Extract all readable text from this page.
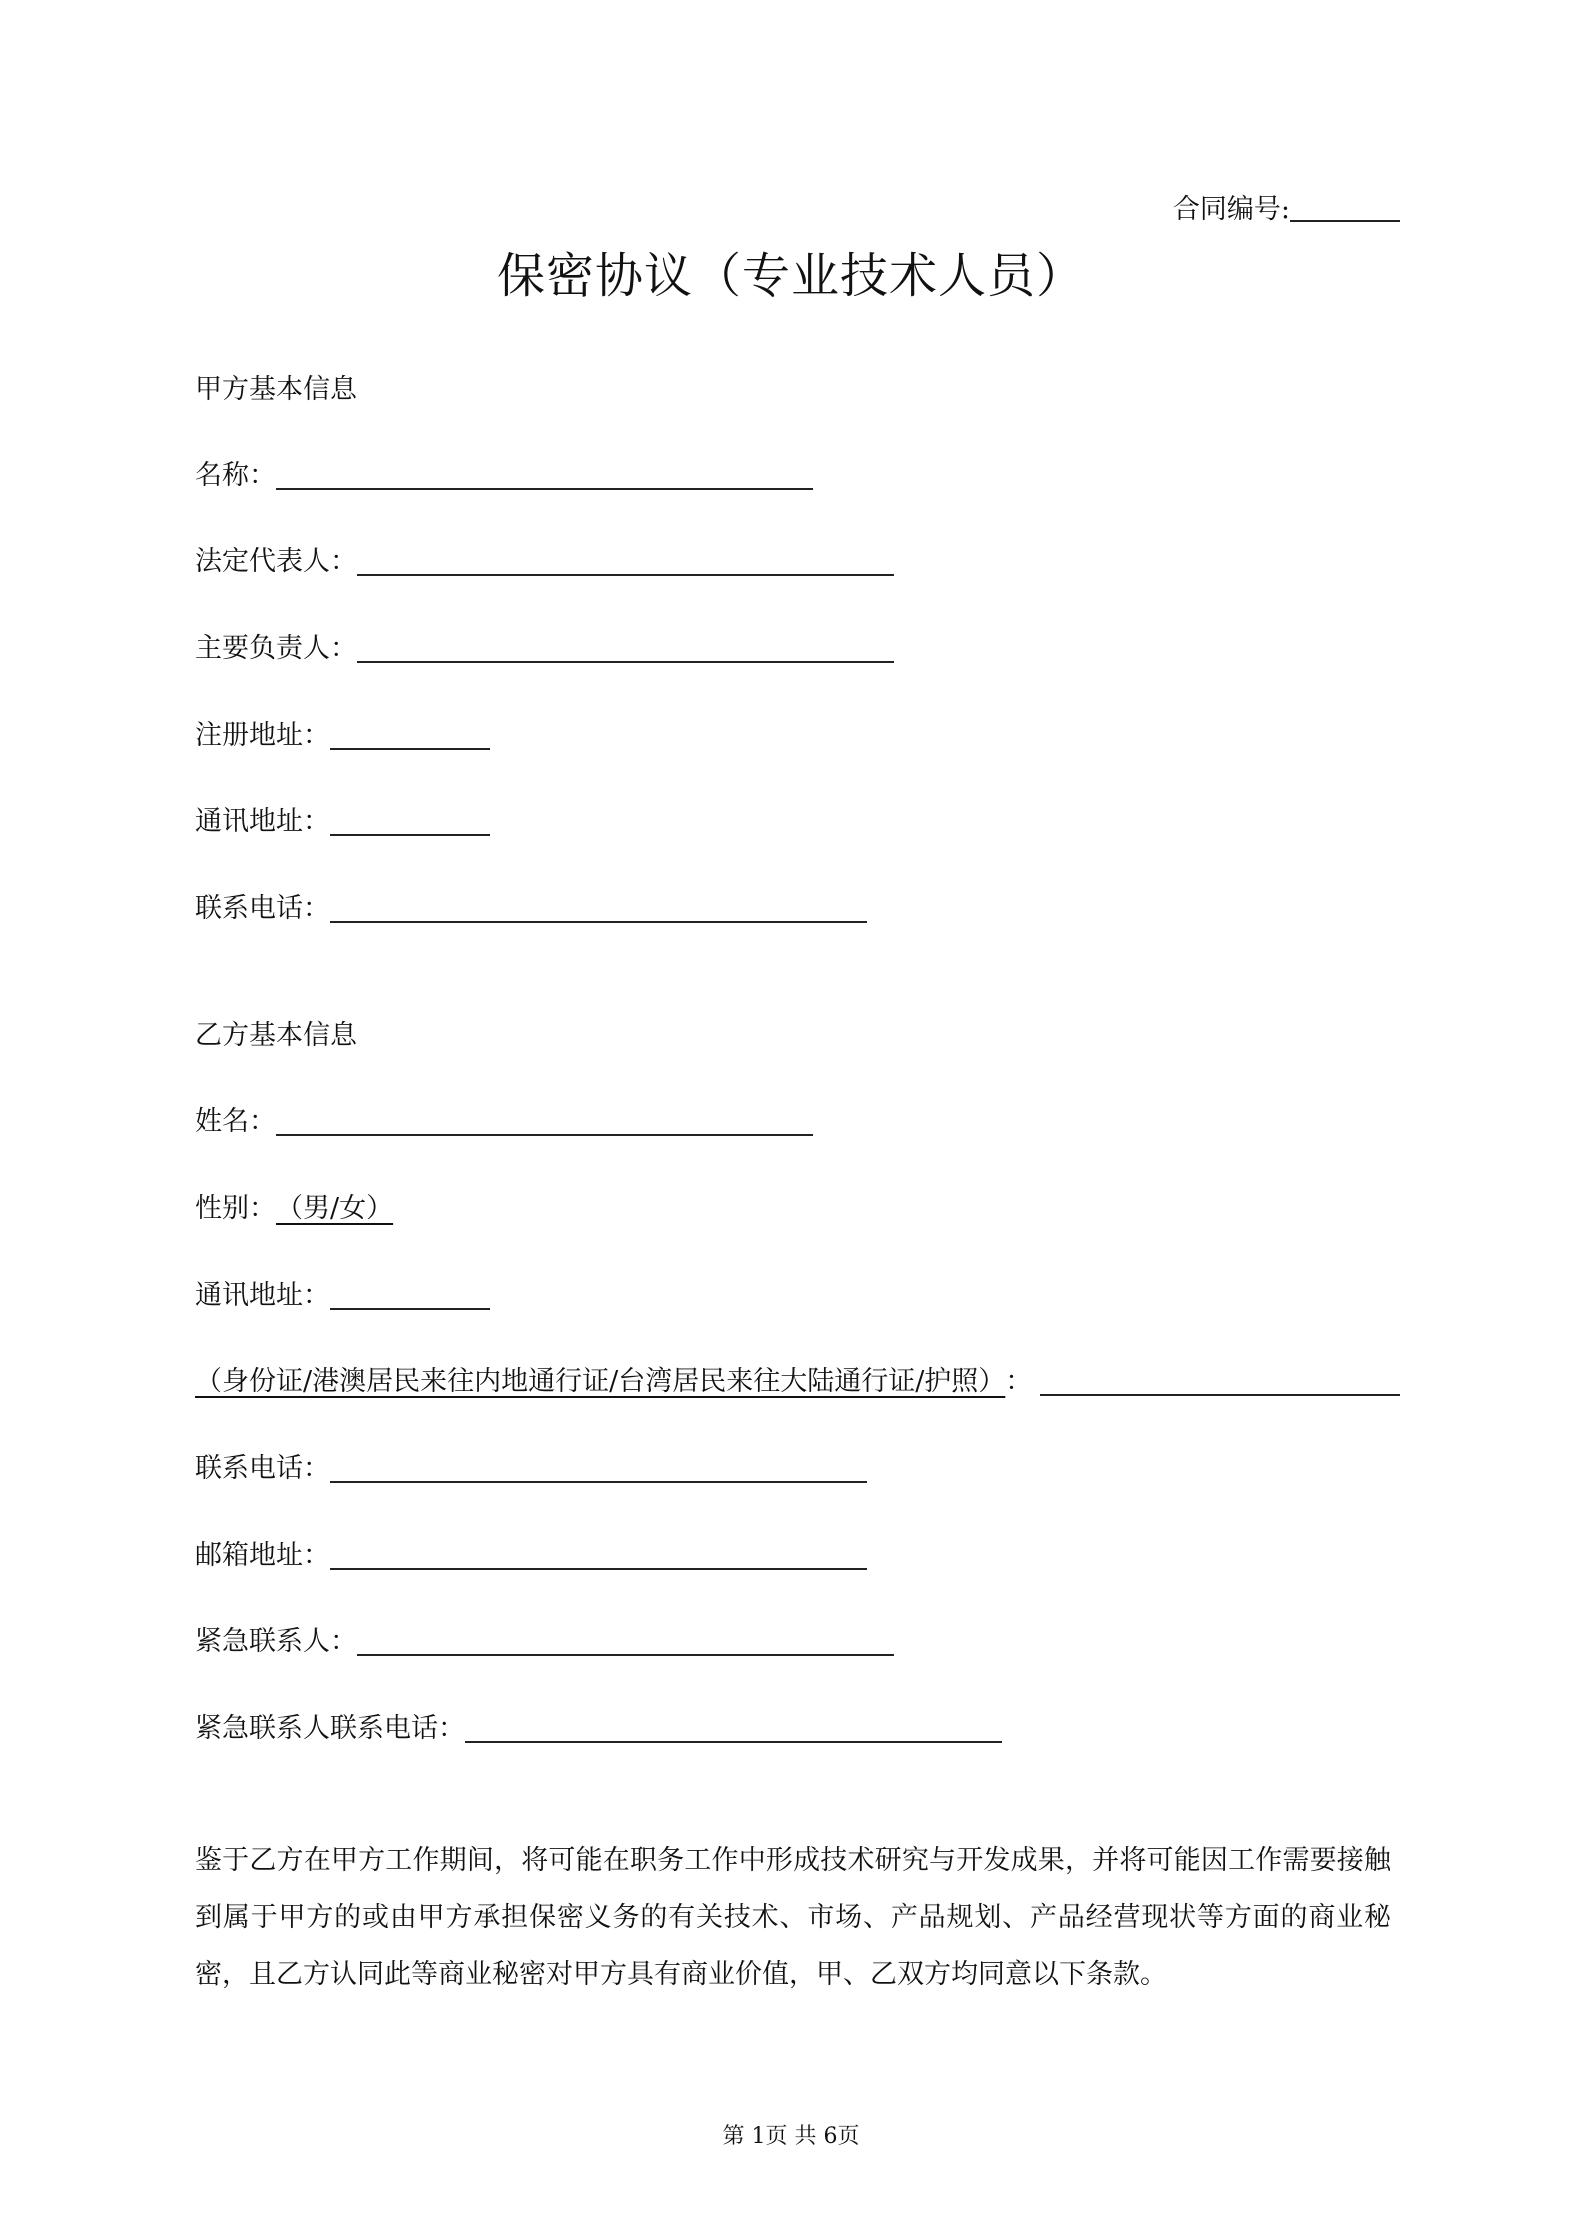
合同编号:
保密协议（专业技术人员）
甲方基本信息
名称：
法定代表人：
主要负责人：
注册地址：
通讯地址：
联系电话：
乙方基本信息
姓名：
性别：（男/女）
通讯地址：
（身份证/港澳居民来往内地通行证/台湾居民来往大陆通行证/护照）：
联系电话：
邮箱地址：
紧急联系人：
紧急联系人联系电话：
鉴于乙方在甲方工作期间，将可能在职务工作中形成技术研究与开发成果，并将可能因工作需要接触到属于甲方的或由甲方承担保密义务的有关技术、市场、产品规划、产品经营现状等方面的商业秘密，且乙方认同此等商业秘密对甲方具有商业价值，甲、乙双方均同意以下条款。
第 1页 共 6页
